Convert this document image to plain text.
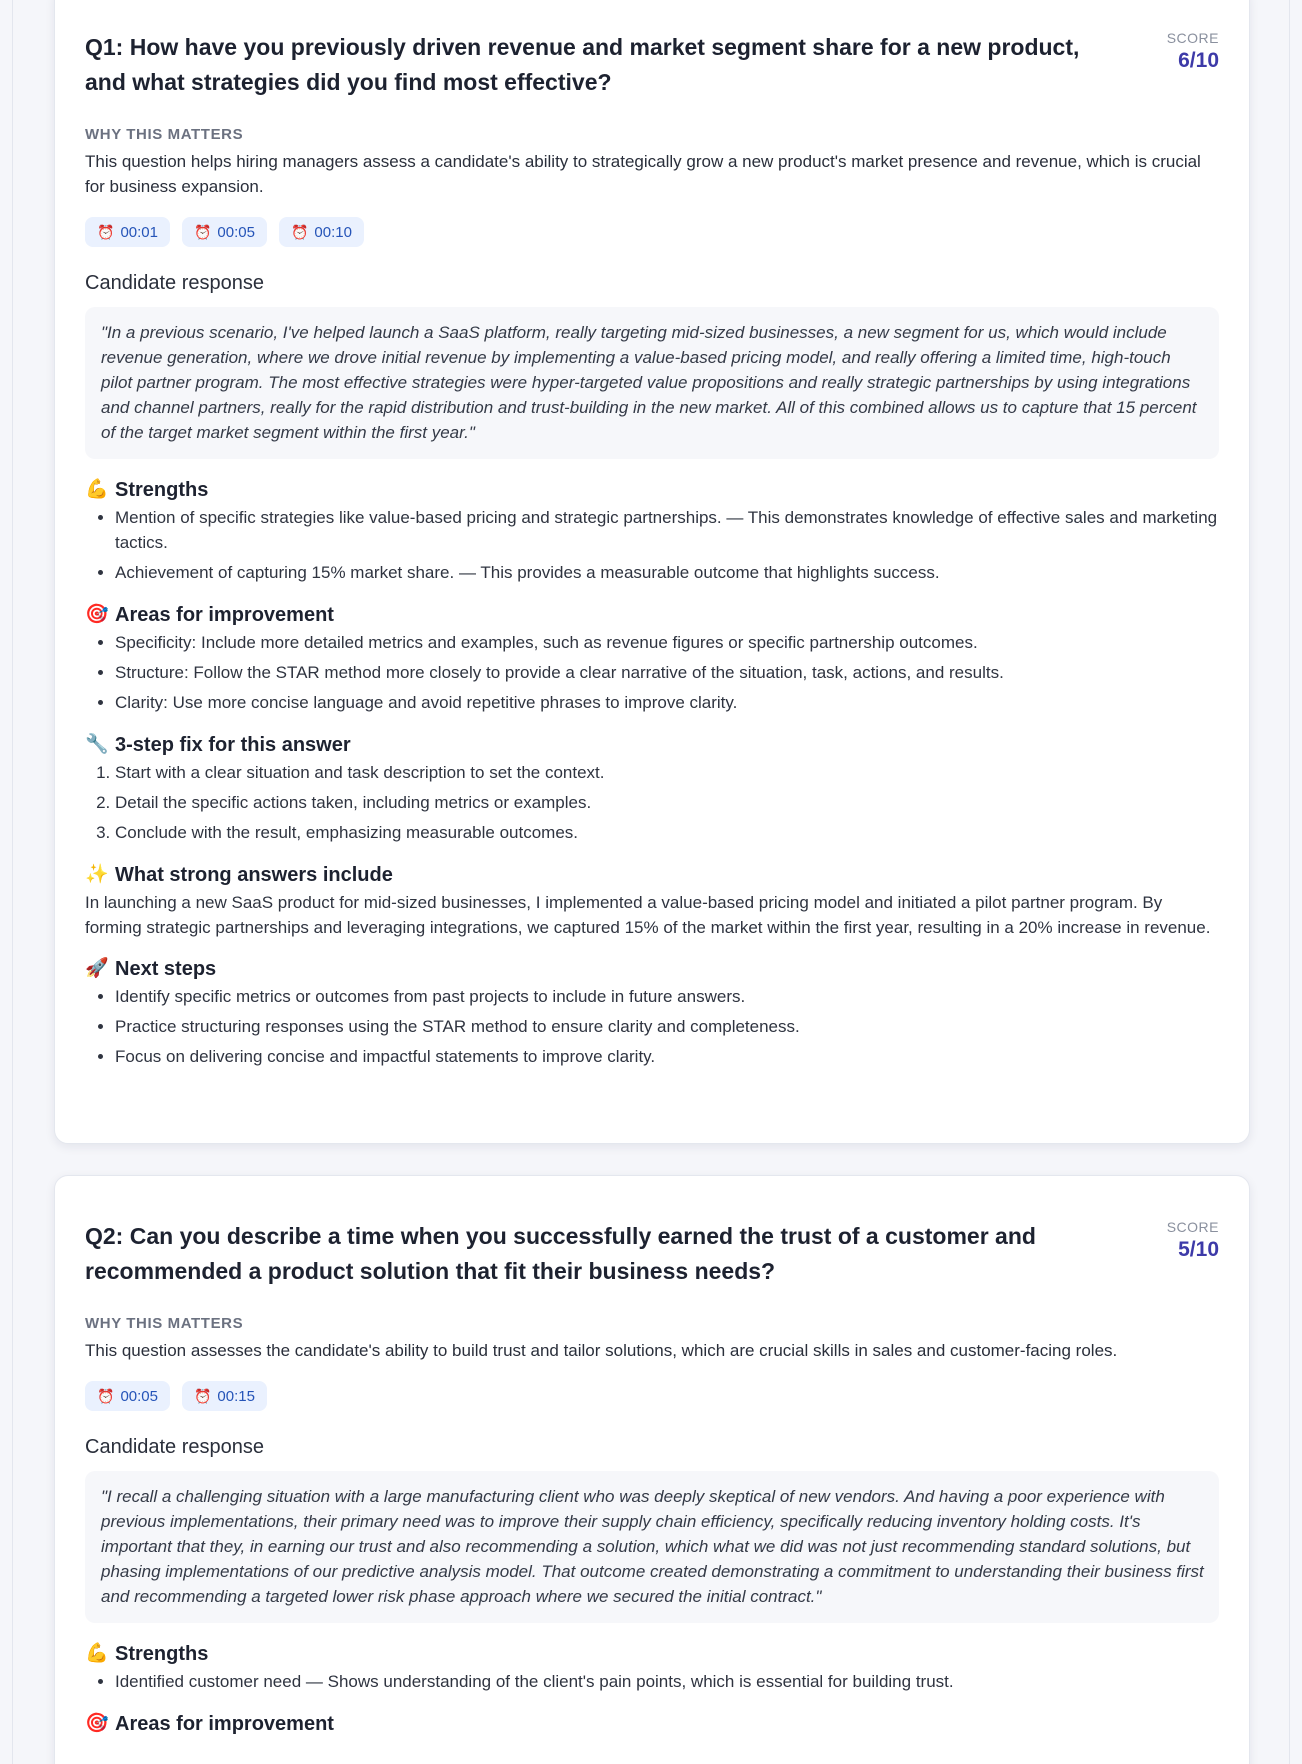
Q1: How have you previously driven revenue and market segment share for a new product, and what strategies did you find most effective?
SCORE
6/10
WHY THIS MATTERS

This question helps hiring managers assess a candidate's ability to strategically grow a new product's market presence and revenue, which is crucial for business expansion.

⏰ 00:01	⏰ 00:05	⏰ 00:10
Candidate response
"In a previous scenario, I've helped launch a SaaS platform, really targeting mid-sized businesses, a new segment for us, which would include revenue generation, where we drove initial revenue by implementing a value-based pricing model, and really offering a limited time, high-touch pilot partner program. The most effective strategies were hyper-targeted value propositions and really strategic partnerships by using integrations and channel partners, really for the rapid distribution and trust-building in the new market. All of this combined allows us to capture that 15 percent of the target market segment within the first year."
💪 Strengths
• Mention of specific strategies like value-based pricing and strategic partnerships. — This demonstrates knowledge of effective sales and marketing tactics.
• Achievement of capturing 15% market share. — This provides a measurable outcome that highlights success.
🎯 Areas for improvement
• Specificity: Include more detailed metrics and examples, such as revenue figures or specific partnership outcomes.
• Structure: Follow the STAR method more closely to provide a clear narrative of the situation, task, actions, and results.
• Clarity: Use more concise language and avoid repetitive phrases to improve clarity.
🔧 3-step fix for this answer
1. Start with a clear situation and task description to set the context.
2. Detail the specific actions taken, including metrics or examples.
3. Conclude with the result, emphasizing measurable outcomes.
✨ What strong answers include

In launching a new SaaS product for mid-sized businesses, I implemented a value-based pricing model and initiated a pilot partner program. By forming strategic partnerships and leveraging integrations, we captured 15% of the market within the first year, resulting in a 20% increase in revenue.

🚀 Next steps
• Identify specific metrics or outcomes from past projects to include in future answers.
• Practice structuring responses using the STAR method to ensure clarity and completeness.
• Focus on delivering concise and impactful statements to improve clarity.
Q2: Can you describe a time when you successfully earned the trust of a customer and recommended a product solution that fit their business needs?
SCORE
5/10
WHY THIS MATTERS

This question assesses the candidate's ability to build trust and tailor solutions, which are crucial skills in sales and customer-facing roles.

⏰ 00:05	⏰ 00:15
Candidate response
"I recall a challenging situation with a large manufacturing client who was deeply skeptical of new vendors. And having a poor experience with previous implementations, their primary need was to improve their supply chain efficiency, specifically reducing inventory holding costs. It's important that they, in earning our trust and also recommending a solution, which what we did was not just recommending standard solutions, but phasing implementations of our predictive analysis model. That outcome created demonstrating a commitment to understanding their business first and recommending a targeted lower risk phase approach where we secured the initial contract."
💪 Strengths
• Identified customer need — Shows understanding of the client's pain points, which is essential for building trust.
🎯 Areas for improvement
